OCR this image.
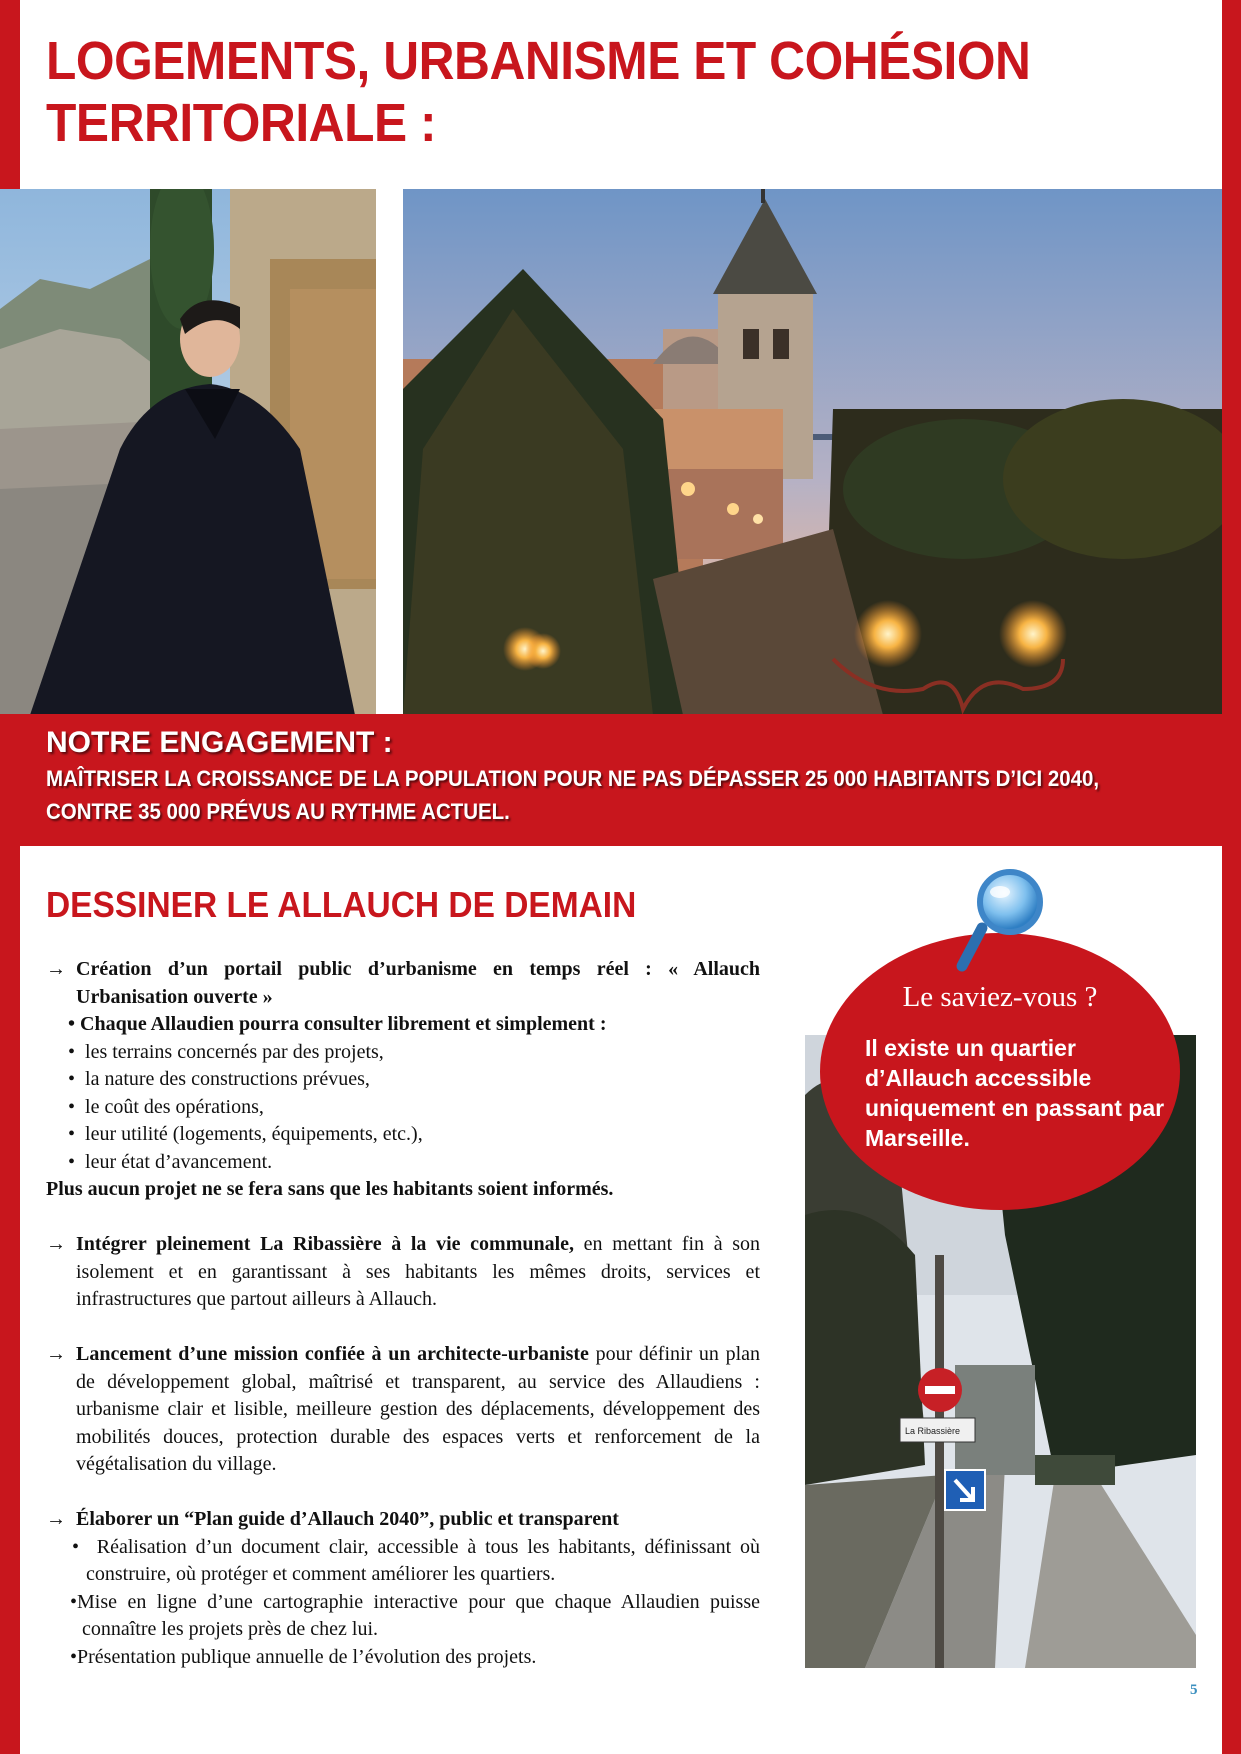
LOGEMENTS, URBANISME ET COHÉSION
TERRITORIALE :
NOTRE ENGAGEMENT :
MAÎTRISER LA CROISSANCE DE LA POPULATION POUR NE PAS DÉPASSER 25 000 HABITANTS D’ICI 2040,
CONTRE 35 000 PRÉVUS AU RYTHME ACTUEL.
DESSINER LE ALLAUCH DE DEMAIN

→ Création d’un portail public d’urbanisme en temps réel : « Allauch Urbanisation ouverte »

• Chaque Allaudien pourra consulter librement et simplement :

• les terrains concernés par des projets,

• la nature des constructions prévues,

• le coût des opérations,

• leur utilité (logements, équipements, etc.),

• leur état d’avancement.

Plus aucun projet ne se fera sans que les habitants soient informés.

→ Intégrer pleinement La Ribassière à la vie communale, en mettant fin à son isolement et en garantissant à ses habitants les mêmes droits, services et infrastructures que partout ailleurs à Allauch.

→ Lancement d’une mission confiée à un architecte-urbaniste pour définir un plan de développement global, maîtrisé et transparent, au service des Allaudiens : urbanisme clair et lisible, meilleure gestion des déplacements, développement des mobilités douces, protection durable des espaces verts et renforcement de la végétalisation du village.

→ Élaborer un “Plan guide d’Allauch 2040”, public et transparent

• Réalisation d’un document clair, accessible à tous les habitants, définissant où construire, où protéger et comment améliorer les quartiers.

•Mise en ligne d’une cartographie interactive pour que chaque Allaudien puisse connaître les projets près de chez lui.

•Présentation publique annuelle de l’évolution des projets.

La Ribassière
Le saviez-vous ?
Il existe un quartier d’Allauch accessible uniquement en passant par Marseille.
5
